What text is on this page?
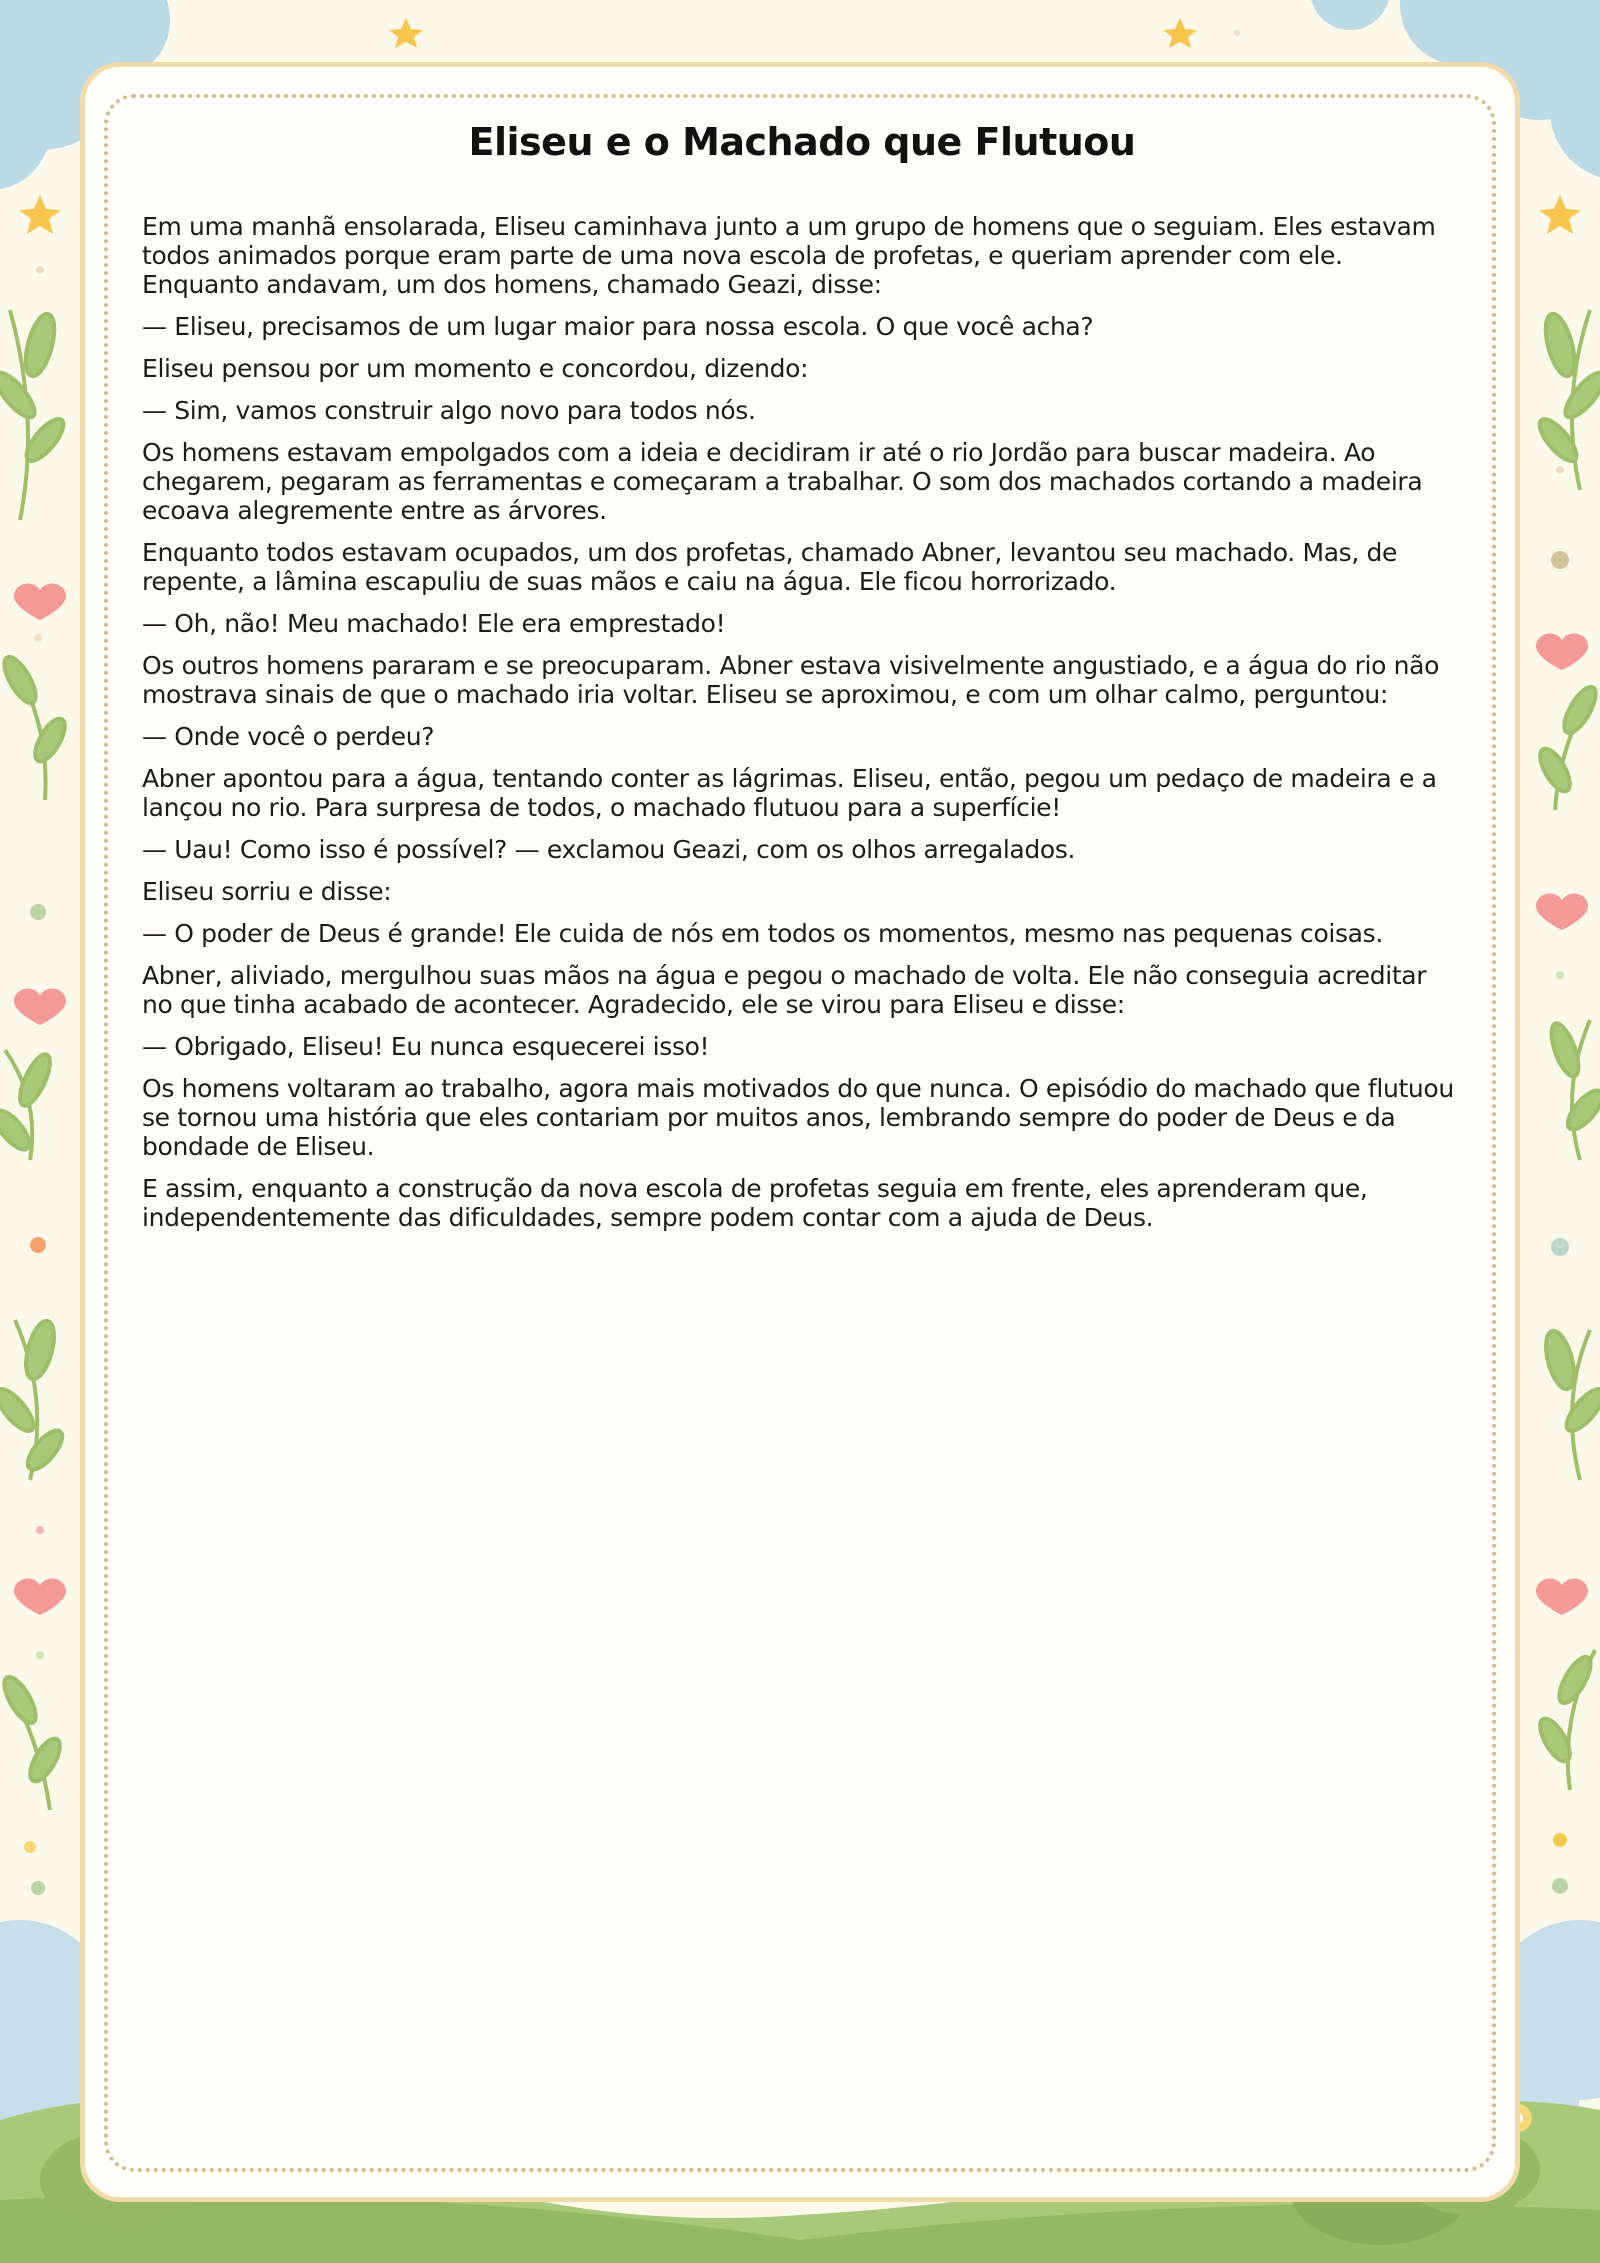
Eliseu e o Machado que Flutuou

Em uma manhã ensolarada, Eliseu caminhava junto a um grupo de homens que o seguiam. Eles estavam todos animados porque eram parte de uma nova escola de profetas, e queriam aprender com ele. Enquanto andavam, um dos homens, chamado Geazi, disse:

— Eliseu, precisamos de um lugar maior para nossa escola. O que você acha?

Eliseu pensou por um momento e concordou, dizendo:

— Sim, vamos construir algo novo para todos nós.

Os homens estavam empolgados com a ideia e decidiram ir até o rio Jordão para buscar madeira. Ao chegarem, pegaram as ferramentas e começaram a trabalhar. O som dos machados cortando a madeira ecoava alegremente entre as árvores.

Enquanto todos estavam ocupados, um dos profetas, chamado Abner, levantou seu machado. Mas, de repente, a lâmina escapuliu de suas mãos e caiu na água. Ele ficou horrorizado.

— Oh, não! Meu machado! Ele era emprestado!

Os outros homens pararam e se preocuparam. Abner estava visivelmente angustiado, e a água do rio não mostrava sinais de que o machado iria voltar. Eliseu se aproximou, e com um olhar calmo, perguntou:

— Onde você o perdeu?

Abner apontou para a água, tentando conter as lágrimas. Eliseu, então, pegou um pedaço de madeira e a lançou no rio. Para surpresa de todos, o machado flutuou para a superfície!

— Uau! Como isso é possível? — exclamou Geazi, com os olhos arregalados.

Eliseu sorriu e disse:

— O poder de Deus é grande! Ele cuida de nós em todos os momentos, mesmo nas pequenas coisas.

Abner, aliviado, mergulhou suas mãos na água e pegou o machado de volta. Ele não conseguia acreditar no que tinha acabado de acontecer. Agradecido, ele se virou para Eliseu e disse:

— Obrigado, Eliseu! Eu nunca esquecerei isso!

Os homens voltaram ao trabalho, agora mais motivados do que nunca. O episódio do machado que flutuou se tornou uma história que eles contariam por muitos anos, lembrando sempre do poder de Deus e da bondade de Eliseu.

E assim, enquanto a construção da nova escola de profetas seguia em frente, eles aprenderam que, independentemente das dificuldades, sempre podem contar com a ajuda de Deus.
